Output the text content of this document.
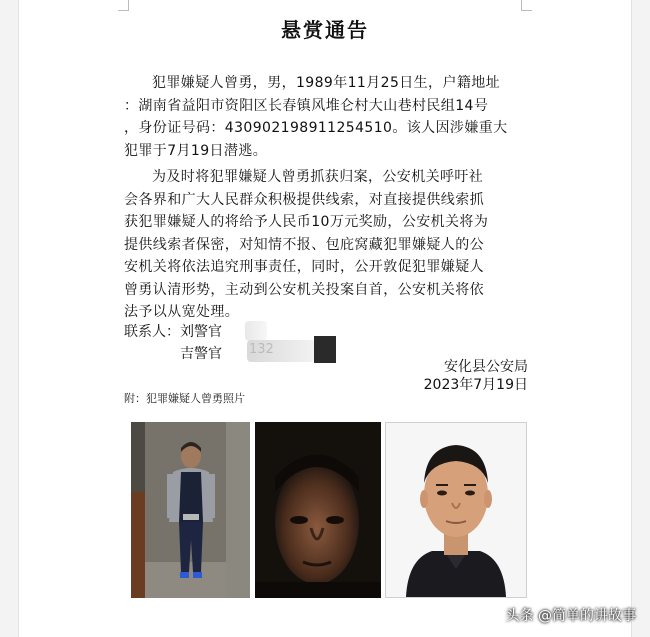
悬赏通告
犯罪嫌疑人曾勇，男，1989年11月25日生，户籍地址
：湖南省益阳市资阳区长春镇风堆仑村大山巷村民组14号
，身份证号码：430902198911254510。该人因涉嫌重大
犯罪于7月19日潜逃。
为及时将犯罪嫌疑人曾勇抓获归案，公安机关呼吁社
会各界和广大人民群众积极提供线索，对直接提供线索抓
获犯罪嫌疑人的将给予人民币10万元奖励，公安机关将为
提供线索者保密，对知情不报、包庇窝藏犯罪嫌疑人的公
安机关将依法追究刑事责任，同时，公开敦促犯罪嫌疑人
曾勇认清形势，主动到公安机关投案自首，公安机关将依
法予以从宽处理。
联系人： 刘警官
吉警官 132
安化县公安局
2023年7月19日
附：犯罪嫌疑人曾勇照片
头条 @简单的讲故事
